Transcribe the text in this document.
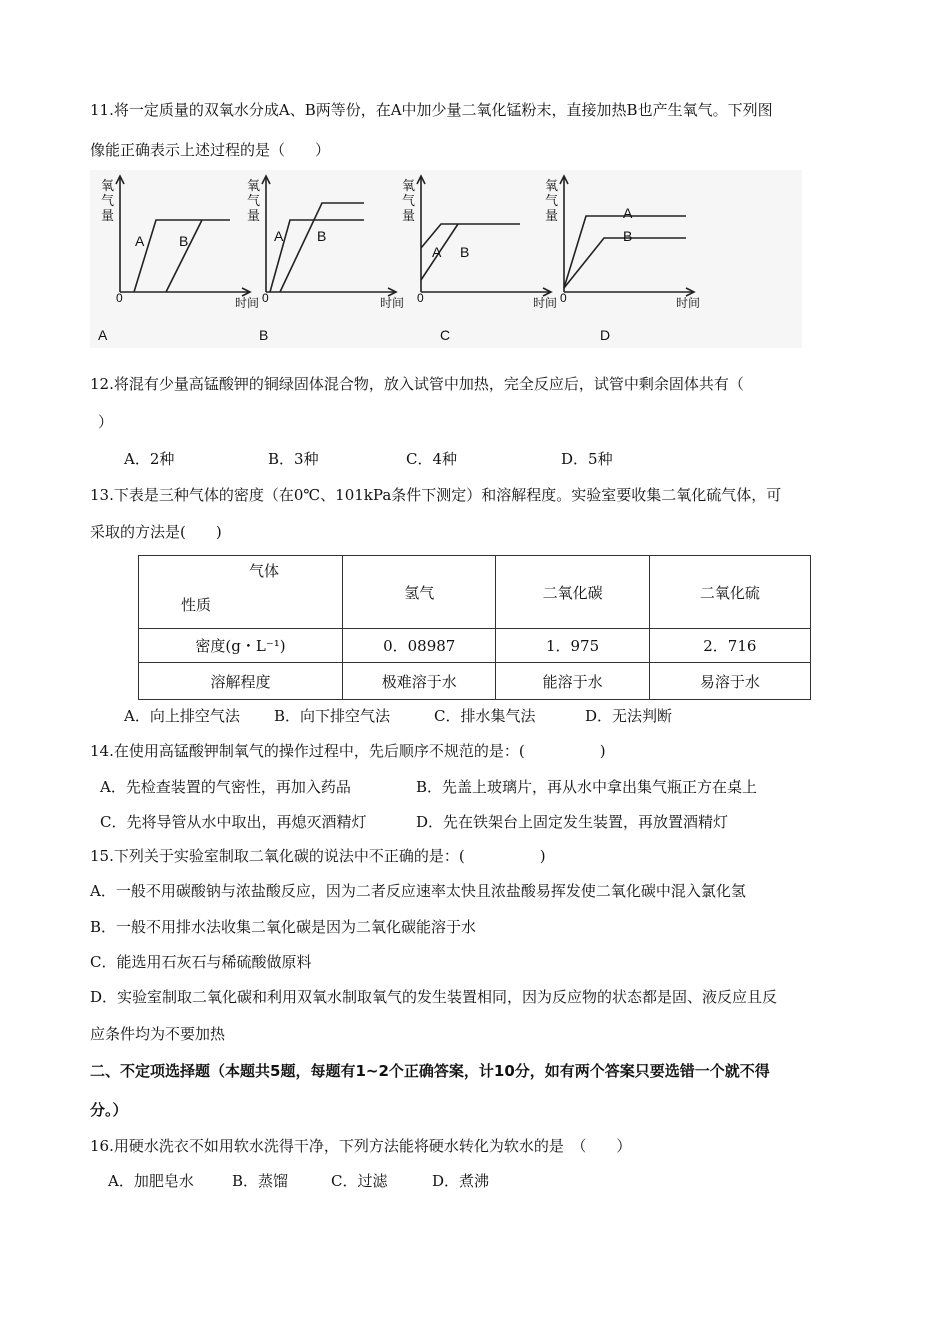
11.将一定质量的双氧水分成A、B两等份，在A中加少量二氧化锰粉末，直接加热B也产生氧气。下列图
像能正确表示上述过程的是（　　）
氧
气
量
氧
气
量
氧
气
量
氧
气
量
0	0	0	0
时间	时间	时间	时间
A B	A B
A B
A
B
A	B	C	D
12.将混有少量高锰酸钾的铜绿固体混合物，放入试管中加热，完全反应后，试管中剩余固体共有（
）
A．2种	B．3种	C．4种	D．5种
13.下表是三种气体的密度（在0℃、101kPa条件下测定）和溶解程度。实验室要收集二氧化硫气体，可
采取的方法是(　　)
气体
性质	氢气	二氧化碳	二氧化硫
密度(g・L⁻¹)	0．08987	1．975	2．716
溶解程度	极难溶于水	能溶于水	易溶于水
A．向上排空气法 B．向下排空气法	C．排水集气法	D．无法判断
14.在使用高锰酸钾制氧气的操作过程中，先后顺序不规范的是：(　　　　　)
A．先检查装置的气密性，再加入药品	B．先盖上玻璃片，再从水中拿出集气瓶正方在桌上
C．先将导管从水中取出，再熄灭酒精灯	D．先在铁架台上固定发生装置，再放置酒精灯
15.下列关于实验室制取二氧化碳的说法中不正确的是：(　　　　　)
A．一般不用碳酸钠与浓盐酸反应，因为二者反应速率太快且浓盐酸易挥发使二氧化碳中混入氯化氢
B．一般不用排水法收集二氧化碳是因为二氧化碳能溶于水
C．能选用石灰石与稀硫酸做原料
D．实验室制取二氧化碳和利用双氧水制取氧气的发生装置相同，因为反应物的状态都是固、液反应且反
应条件均为不要加热
二、不定项选择题（本题共5题，每题有1~2个正确答案，计10分，如有两个答案只要选错一个就不得
分。）
16.用硬水洗衣不如用软水洗得干净，下列方法能将硬水转化为软水的是　（　　）
A．加肥皂水	B．蒸馏	C．过滤	D．煮沸
